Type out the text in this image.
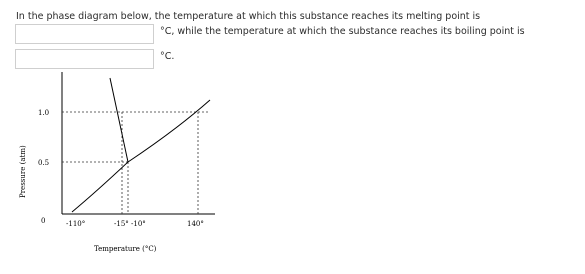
In the phase diagram below, the temperature at which this substance reaches its melting point is
°C, while the temperature at which the substance reaches its boiling point is
°C.
1.0
0.5
0	-110°	-15° -10°	140°
Temperature (°C)
Pressure (atm)
